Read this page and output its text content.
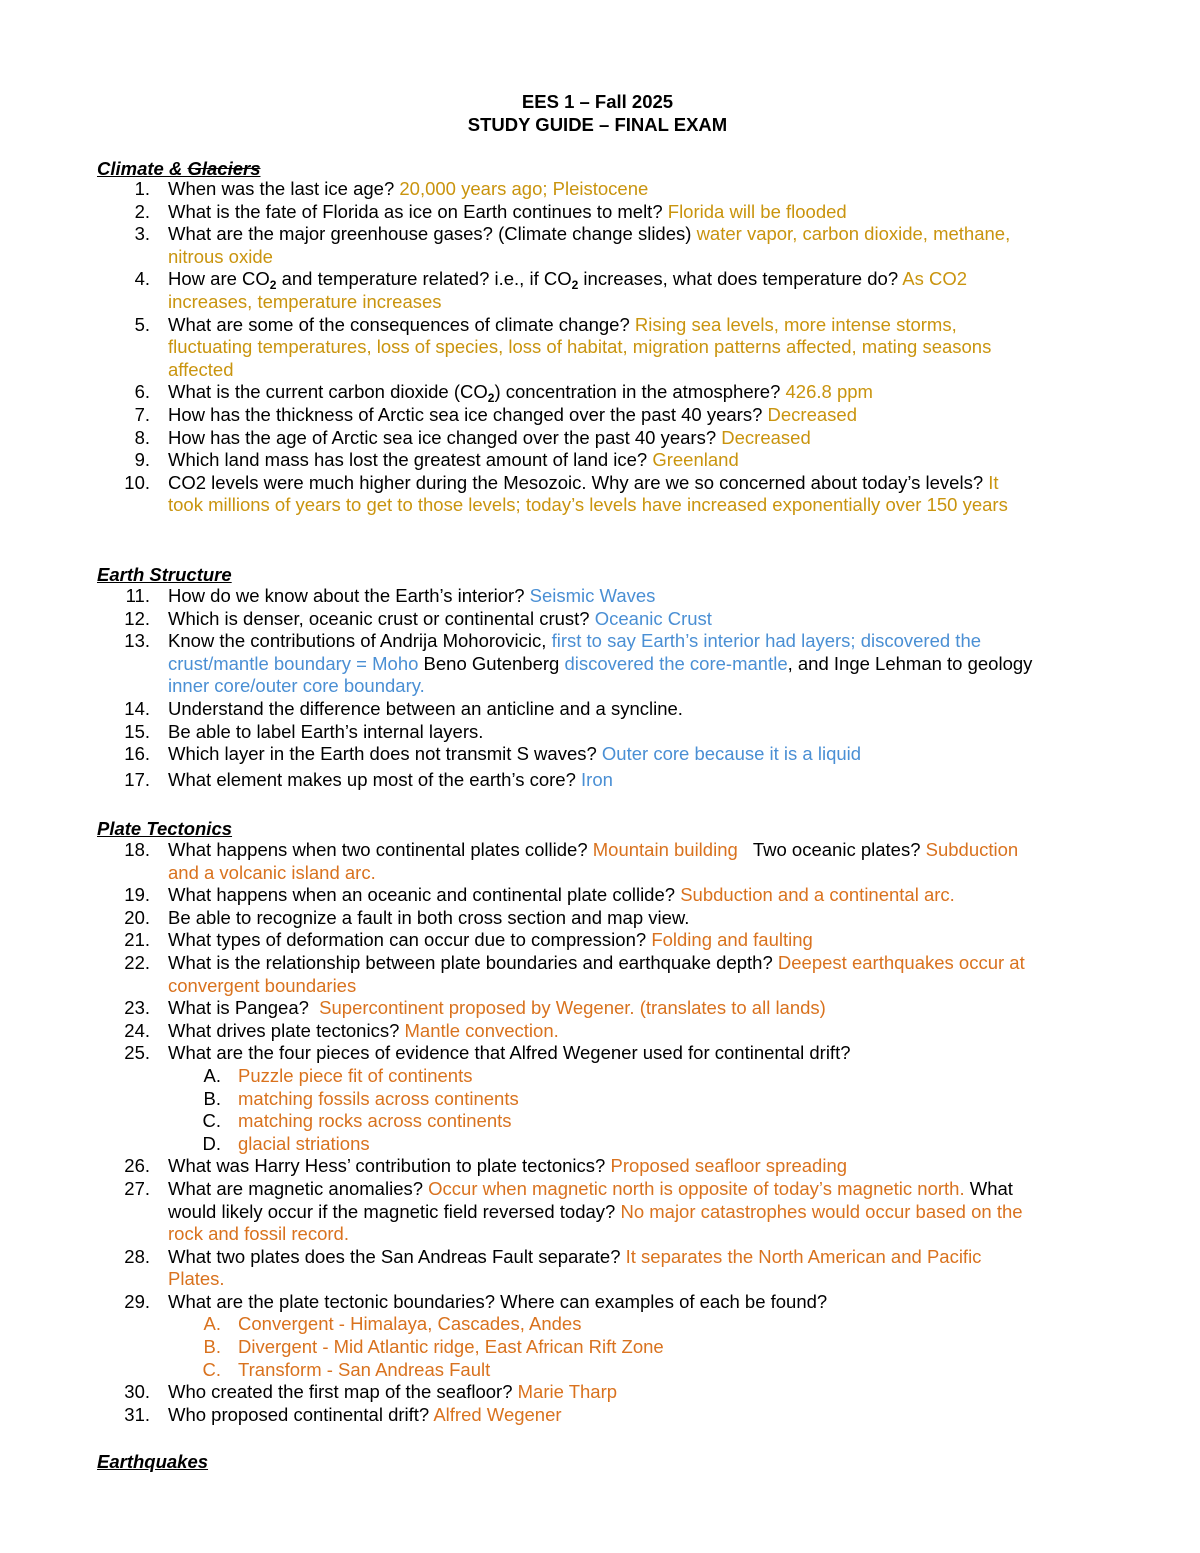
EES 1 – Fall 2025
STUDY GUIDE – FINAL EXAM
Climate & Glaciers
1. When was the last ice age? 20,000 years ago; Pleistocene
2. What is the fate of Florida as ice on Earth continues to melt? Florida will be flooded
3. What are the major greenhouse gases? (Climate change slides) water vapor, carbon dioxide, methane, nitrous oxide
4. How are $CO_2$ and temperature related? i.e., if $CO_2$ increases, what does temperature do? As CO2 increases, temperature increases
5. What are some of the consequences of climate change? Rising sea levels, more intense storms, fluctuating temperatures, loss of species, loss of habitat, migration patterns affected, mating seasons affected
6. What is the current carbon dioxide $(CO_2)$ concentration in the atmosphere? 426.8 ppm
7. How has the thickness of Arctic sea ice changed over the past 40 years? Decreased
8. How has the age of Arctic sea ice changed over the past 40 years? Decreased
9. Which land mass has lost the greatest amount of land ice? Greenland
10. CO2 levels were much higher during the Mesozoic. Why are we so concerned about today’s levels? It took millions of years to get to those levels; today’s levels have increased exponentially over 150 years
Earth Structure
11. How do we know about the Earth’s interior? Seismic Waves
12. Which is denser, oceanic crust or continental crust? Oceanic Crust
13. Know the contributions of Andrija Mohorovicic, first to say Earth’s interior had layers; discovered the crust/mantle boundary = Moho Beno Gutenberg discovered the core-mantle, and Inge Lehman to geology inner core/outer core boundary.
14. Understand the difference between an anticline and a syncline.
15. Be able to label Earth’s internal layers.
16. Which layer in the Earth does not transmit S waves? Outer core because it is a liquid
17. What element makes up most of the earth’s core? Iron
Plate Tectonics
18. What happens when two continental plates collide? Mountain building   Two oceanic plates? Subduction and a volcanic island arc.
19. What happens when an oceanic and continental plate collide? Subduction and a continental arc.
20. Be able to recognize a fault in both cross section and map view.
21. What types of deformation can occur due to compression? Folding and faulting
22. What is the relationship between plate boundaries and earthquake depth? Deepest earthquakes occur at convergent boundaries
23. What is Pangea?  Supercontinent proposed by Wegener. (translates to all lands)
24. What drives plate tectonics? Mantle convection.
25. What are the four pieces of evidence that Alfred Wegener used for continental drift?
A. Puzzle piece fit of continents
B. matching fossils across continents
C. matching rocks across continents
D. glacial striations
26. What was Harry Hess’ contribution to plate tectonics? Proposed seafloor spreading
27. What are magnetic anomalies? Occur when magnetic north is opposite of today’s magnetic north. What would likely occur if the magnetic field reversed today? No major catastrophes would occur based on the rock and fossil record.
28. What two plates does the San Andreas Fault separate? It separates the North American and Pacific Plates.
29. What are the plate tectonic boundaries? Where can examples of each be found?
A. Convergent - Himalaya, Cascades, Andes
B. Divergent - Mid Atlantic ridge, East African Rift Zone
C. Transform - San Andreas Fault
30. Who created the first map of the seafloor? Marie Tharp
31. Who proposed continental drift? Alfred Wegener
Earthquakes
